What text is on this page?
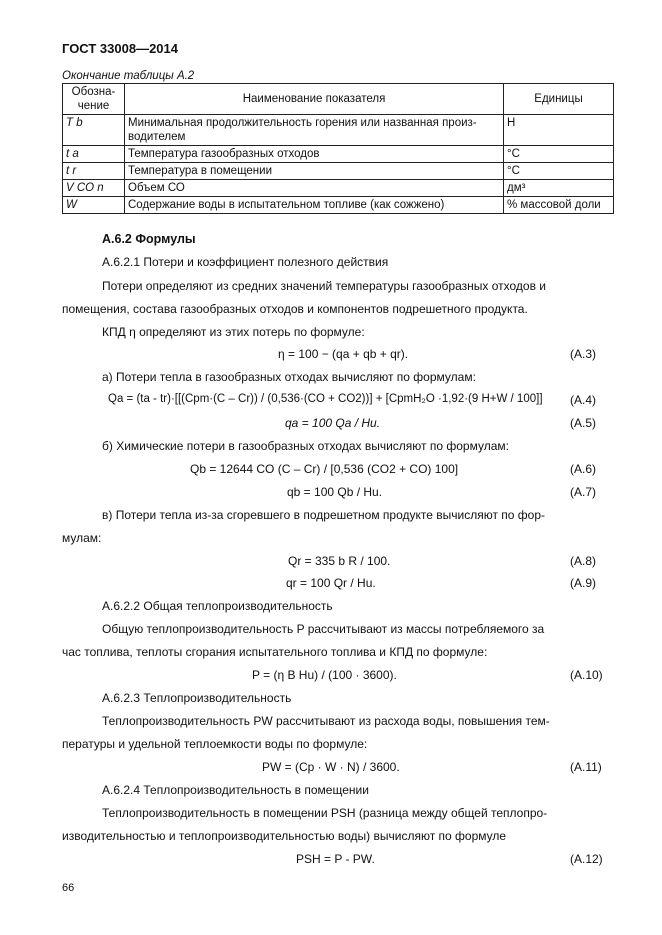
ГОСТ 33008—2014
Окончание таблицы А.2
Обозна-чение	Наименование показателя	Единицы
T b	Минимальная продолжительность горения или названная произ-водителем	Н
t a	Температура газообразных отходов	°С
t r	Температура в помещении	°С
V CO n	Объем СО	дм³
W	Содержание воды в испытательном топливе (как сожжено)	% массовой доли
А.6.2 Формулы
А.6.2.1 Потери и коэффициент полезного действия
Потери определяют из средних значений температуры газообразных отходов и
помещения, состава газообразных отходов и компонентов подрешетного продукта.
КПД η определяют из этих потерь по формуле:
η = 100 − (qa + qb + qr).	(А.3)
а) Потери тепла в газообразных отходах вычисляют по формулам:
Qa = (ta - tr)·[[(Cpm·(C – Cr)) / (0,536·(CO + CO2))] + [CpmH₂O ·1,92·(9 H+W / 100]] (А.4)
qa = 100 Qa / Hu.	(А.5)
б) Химические потери в газообразных отходах вычисляют по формулам:
Qb = 12644 CO (C – Cr) / [0,536 (CO2 + CO) 100]	(А.6)
qb = 100 Qb / Hu.	(А.7)
в) Потери тепла из-за сгоревшего в подрешетном продукте вычисляют по фор-
мулам:
Qr = 335 b R / 100.	(А.8)
qr = 100 Qr / Hu.	(А.9)
А.6.2.2 Общая теплопроизводительность
Общую теплопроизводительность P рассчитывают из массы потребляемого за
час топлива, теплоты сгорания испытательного топлива и КПД по формуле:
P = (η B Hu) / (100 · 3600).	(А.10)
А.6.2.3 Теплопроизводительность
Теплопроизводительность PW рассчитывают из расхода воды, повышения тем-
пературы и удельной теплоемкости воды по формуле:
PW = (Cp · W · N) / 3600.	(А.11)
А.6.2.4 Теплопроизводительность в помещении
Теплопроизводительность в помещении PSH (разница между общей теплопро-
изводительностью и теплопроизводительностью воды) вычисляют по формуле
PSH = P - PW.	(А.12)
66
